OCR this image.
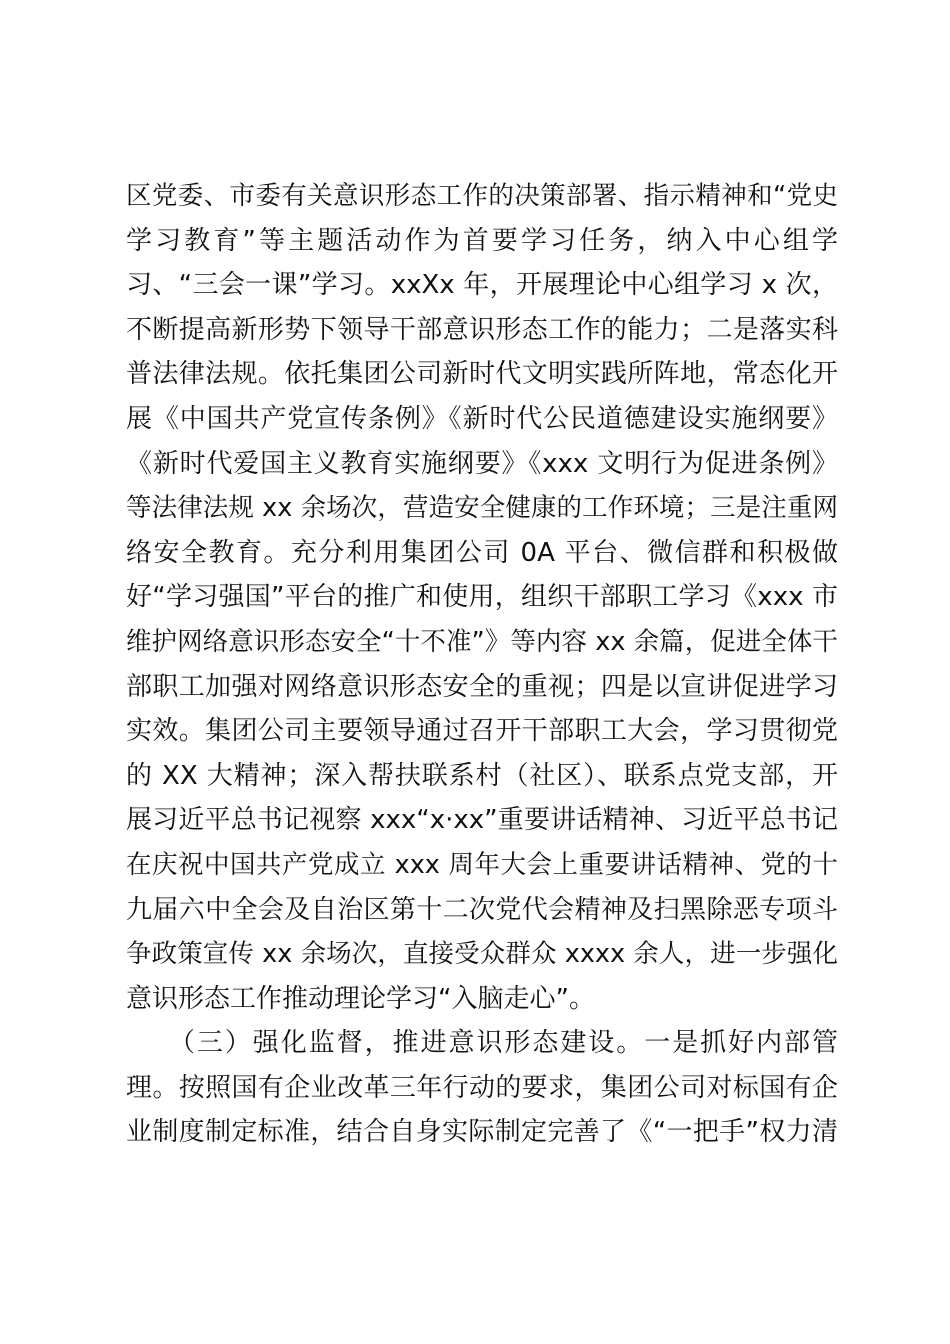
区党委、市委有关意识形态工作的决策部署、指示精神和“党史
学习教育”等主题活动作为首要学习任务，纳入中心组学
习、“三会一课”学习。xxXx 年，开展理论中心组学习 x 次，
不断提高新形势下领导干部意识形态工作的能力；二是落实科
普法律法规。依托集团公司新时代文明实践所阵地，常态化开
展《中国共产党宣传条例》《新时代公民道德建设实施纲要》
《新时代爱国主义教育实施纲要》《xxx 文明行为促进条例》
等法律法规 xx 余场次，营造安全健康的工作环境；三是注重网
络安全教育。充分利用集团公司 0A 平台、微信群和积极做
好“学习强国”平台的推广和使用，组织干部职工学习《xxx 市
维护网络意识形态安全“十不准”》等内容 xx 余篇，促进全体干
部职工加强对网络意识形态安全的重视；四是以宣讲促进学习
实效。集团公司主要领导通过召开干部职工大会，学习贯彻党
的 XX 大精神；深入帮扶联系村（社区）、联系点党支部，开
展习近平总书记视察 xxx“x·xx”重要讲话精神、习近平总书记
在庆祝中国共产党成立 xxx 周年大会上重要讲话精神、党的十
九届六中全会及自治区第十二次党代会精神及扫黑除恶专项斗
争政策宣传 xx 余场次，直接受众群众 xxxx 余人，进一步强化
意识形态工作推动理论学习“入脑走心”。
　　（三）强化监督，推进意识形态建设。一是抓好内部管
理。按照国有企业改革三年行动的要求，集团公司对标国有企
业制度制定标准，结合自身实际制定完善了《“一把手”权力清
